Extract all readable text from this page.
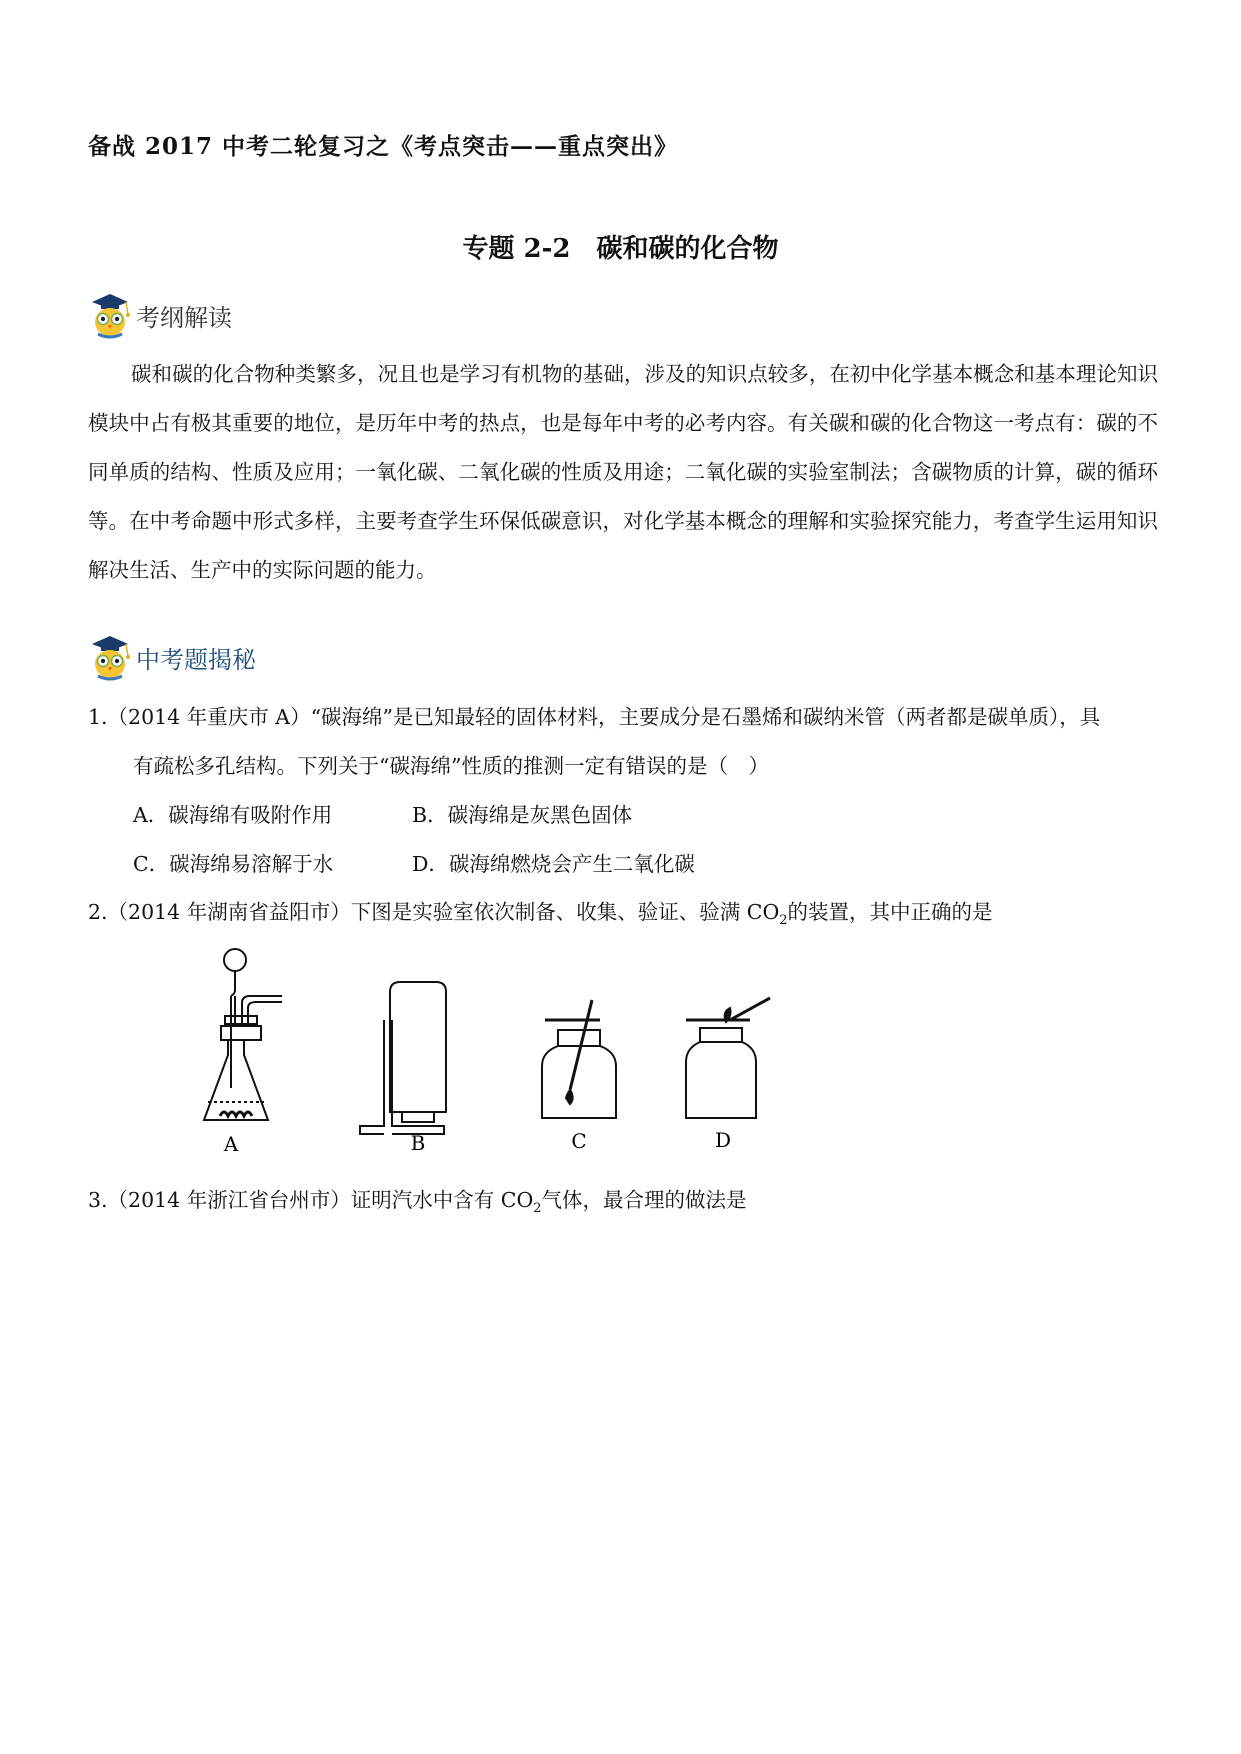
备战 2017 中考二轮复习之《考点突击——重点突出》
专题 2-2　碳和碳的化合物
考纲解读
碳和碳的化合物种类繁多，况且也是学习有机物的基础，涉及的知识点较多，在初中化学基本概念和基本理论知识模块中占有极其重要的地位，是历年中考的热点，也是每年中考的必考内容。有关碳和碳的化合物这一考点有：碳的不同单质的结构、性质及应用；一氧化碳、二氧化碳的性质及用途；二氧化碳的实验室制法；含碳物质的计算，碳的循环等。在中考命题中形式多样，主要考查学生环保低碳意识，对化学基本概念的理解和实验探究能力，考查学生运用知识解决生活、生产中的实际问题的能力。
中考题揭秘
1.（2014 年重庆市 A）“碳海绵”是已知最轻的固体材料，主要成分是石墨烯和碳纳米管（两者都是碳单质），具
有疏松多孔结构。下列关于“碳海绵”性质的推测一定有错误的是（　）
A．碳海绵有吸附作用	B．碳海绵是灰黑色固体
C．碳海绵易溶解于水	D．碳海绵燃烧会产生二氧化碳
2.（2014 年湖南省益阳市）下图是实验室依次制备、收集、验证、验满 $CO_2$的装置，其中正确的是
A	B	C	D
3.（2014 年浙江省台州市）证明汽水中含有 $CO_2$气体，最合理的做法是
